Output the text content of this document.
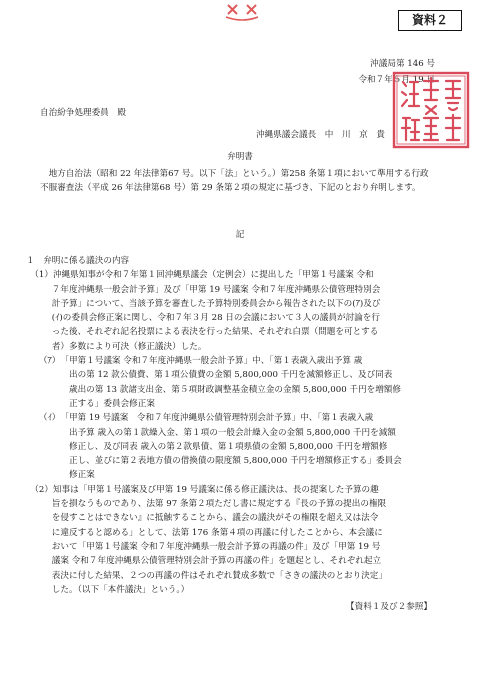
資料２
沖議局第 146 号
令和７年５月 19 日
自治紛争処理委員　殿
沖縄県議会議長　中　川　京　貴
弁明書
　地方自治法（昭和 22 年法律第67 号。以下「法」という。）第258 条第１項において準用する行政
不服審査法（平成 26 年法律第68 号）第 29 条第２項の規定に基づき、下記のとおり弁明します。
記
１　弁明に係る議決の内容
　（1）沖縄県知事が令和７年第１回沖縄県議会（定例会）に提出した「甲第１号議案 令和
　　　７年度沖縄県一般会計予算」及び「甲第 19 号議案 令和７年度沖縄県公債管理特別会
　　　計予算」について、当該予算を審査した予算特別委員会から報告された以下の(ｱ)及び
　　　(ｲ)の委員会修正案に関し、令和７年３月 28 日の会議において３人の議員が討論を行
　　　った後、それぞれ記名投票による表決を行った結果、それぞれ白票（問題を可とする
　　　者）多数により可決（修正議決）した。
　　（ｱ）　「甲第１号議案 令和７年度沖縄県一般会計予算」中、「第１表歳入歳出予算 歳
　　　　　出の第 12 款公債費、第１項公債費の金額 5,800,000 千円を減額修正し、及び同表
　　　　　歳出の第 13 款諸支出金、第５項財政調整基金積立金の金額 5,800,000 千円を増額修
　　　　　正する」委員会修正案
　　（ｲ）　「甲第 19 号議案　令和７年度沖縄県公債管理特別会計予算」中、「第１表歳入歳
　　　　　出予算 歳入の第１款繰入金、第１項の一般会計繰入金の金額 5,800,000 千円を減額
　　　　　修正し、及び同表 歳入の第２款県債、第１項県債の金額 5,800,000 千円を増額修
　　　　　正し、並びに第２表地方債の借換債の限度額 5,800,000 千円を増額修正する」委員会
　　　　　修正案
　（2）知事は「甲第１号議案及び甲第 19 号議案に係る修正議決は、長の提案した予算の趣
　　　旨を損なうものであり、法第 97 条第２項ただし書に規定する『長の予算の提出の権限
　　　を侵すことはできない』に抵触することから、議会の議決がその権限を超え又は法令
　　　に違反すると認める」として、法第 176 条第４項の再議に付したことから、本会議に
　　　おいて「甲第１号議案 令和７年度沖縄県一般会計予算の再議の件」及び「甲第 19 号
　　　議案 令和７年度沖縄県公債管理特別会計予算の再議の件」を題起とし、それぞれ起立
　　　表決に付した結果、２つの再議の件はそれぞれ賛成多数で「さきの議決のとおり決定」
　　　した。（以下「本件議決」という。）
【資料１及び２参照】
